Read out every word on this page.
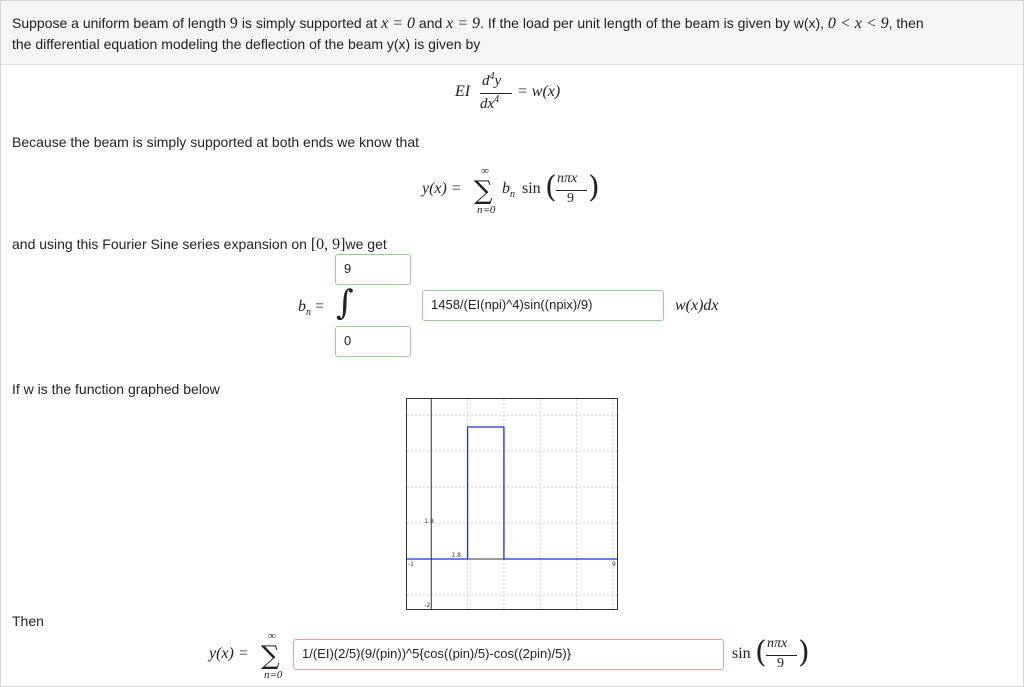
Suppose a uniform beam of length 9 is simply supported at x = 0 and x = 9. If the load per unit length of the beam is given by w(x), 0 < x < 9, then
the differential equation modeling the deflection of the beam y(x) is given by
EI
$d^4y$
$dx^4 = w(x)$
Because the beam is simply supported at both ends we know that
y(x) =
∞
∑
n=0
$b_n$ sin ( nπx
9 )
and using this Fourier Sine series expansion on [0, 9]we get
9
$b_n$ = ∫
0
1458/(EI(npi)^4)sin((npix)/9)	w(x)dx
If w is the function graphed below
-1	9
1.8
1.8
-2
Then
y(x) =
∞
∑
n=0
1/(EI)(2/5)(9/(pin))^5{cos((pin)/5)-cos((2pin)/5)}	sin ( nπx
9 )
